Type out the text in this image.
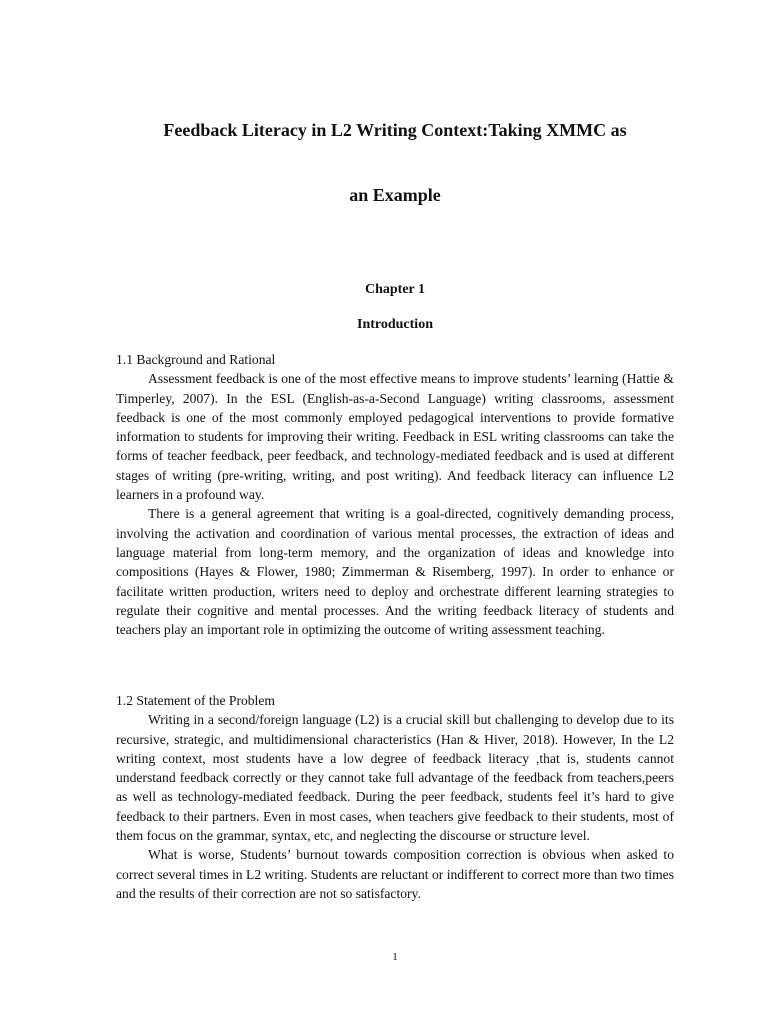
Feedback Literacy in L2 Writing Context:Taking XMMC as
an Example
Chapter 1
Introduction
1.1 Background and Rational

Assessment feedback is one of the most effective means to improve students’ learning (Hattie & Timperley, 2007). In the ESL (English-as-a-Second Language) writing classrooms, assessment feedback is one of the most commonly employed pedagogical interventions to provide formative information to students for improving their writing. Feedback in ESL writing classrooms can take the forms of teacher feedback, peer feedback, and technology-mediated feedback and is used at different stages of writing (pre-writing, writing, and post writing). And feedback literacy can influence L2 learners in a profound way.

There is a general agreement that writing is a goal-directed, cognitively demanding process, involving the activation and coordination of various mental processes, the extraction of ideas and language material from long-term memory, and the organization of ideas and knowledge into compositions (Hayes & Flower, 1980; Zimmerman & Risemberg, 1997). In order to enhance or facilitate written production, writers need to deploy and orchestrate different learning strategies to regulate their cognitive and mental processes. And the writing feedback literacy of students and teachers play an important role in optimizing the outcome of writing assessment teaching.

1.2 Statement of the Problem

Writing in a second/foreign language (L2) is a crucial skill but challenging to develop due to its recursive, strategic, and multidimensional characteristics (Han & Hiver, 2018). However, In the L2 writing context, most students have a low degree of feedback literacy ,that is, students cannot understand feedback correctly or they cannot take full advantage of the feedback from teachers,peers as well as technology-mediated feedback. During the peer feedback, students feel it’s hard to give feedback to their partners. Even in most cases, when teachers give feedback to their students, most of them focus on the grammar, syntax, etc, and neglecting the discourse or structure level.

What is worse, Students’ burnout towards composition correction is obvious when asked to correct several times in L2 writing. Students are reluctant or indifferent to correct more than two times and the results of their correction are not so satisfactory.

1
